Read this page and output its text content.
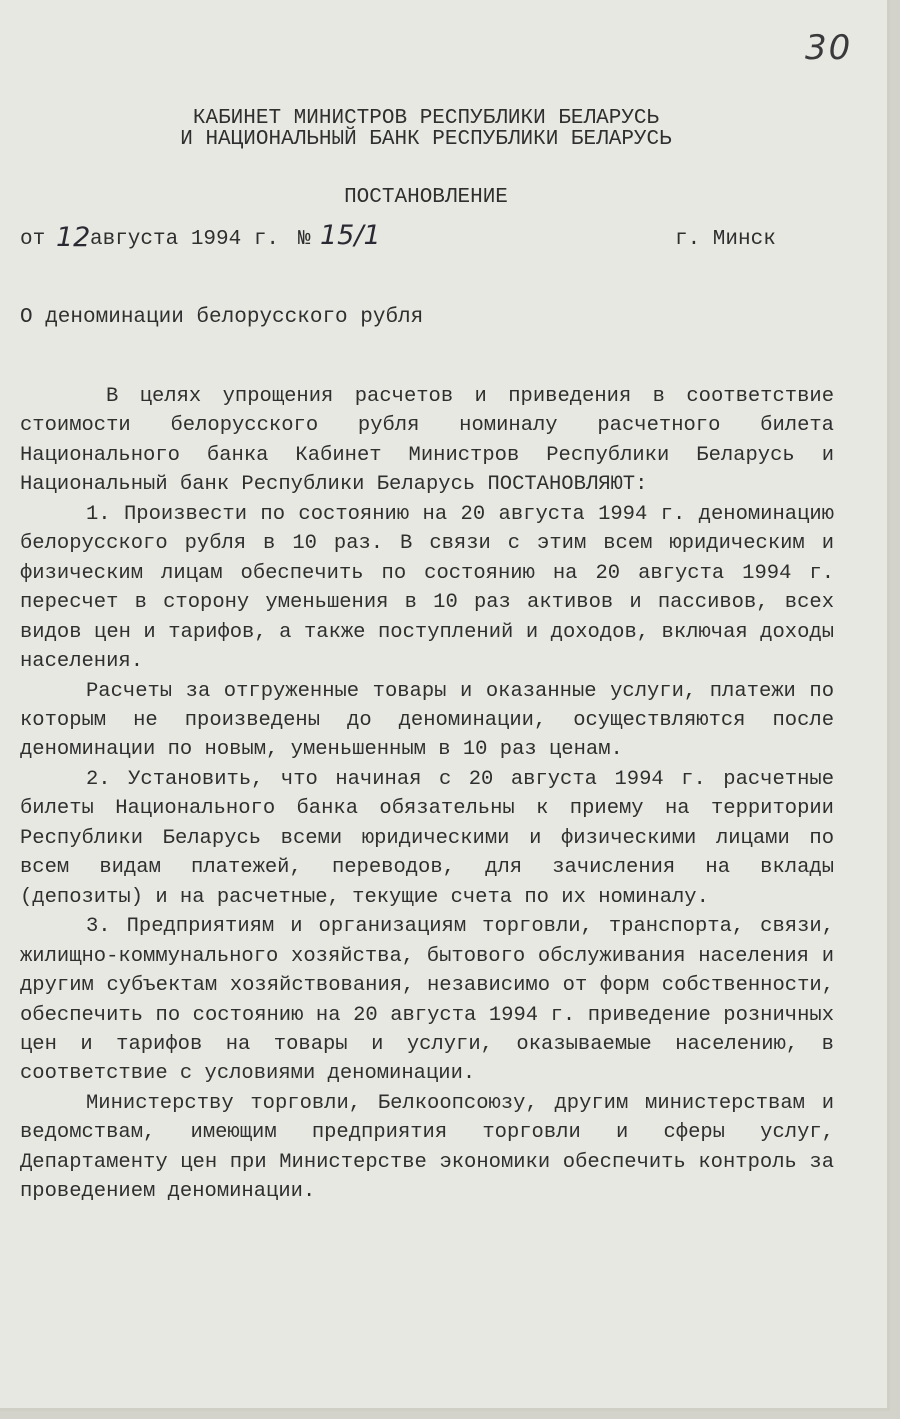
30

КАБИНЕТ МИНИСТРОВ РЕСПУБЛИКИ БЕЛАРУСЬ

И НАЦИОНАЛЬНЫЙ БАНК РЕСПУБЛИКИ БЕЛАРУСЬ

ПОСТАНОВЛЕНИЕ

от 12 августа 1994 г. № 15/1	г. Минск

О деноминации белорусского рубля

В целях упрощения расчетов и приведения в соответствие стоимости белорусского рубля номиналу расчетного билета Национального банка Кабинет Министров Республики Беларусь и Национальный банк Республики Беларусь ПОСТАНОВЛЯЮТ:

1. Произвести по состоянию на 20 августа 1994 г. деноминацию белорусского рубля в 10 раз. В связи с этим всем юридическим и физическим лицам обеспечить по состоянию на 20 августа 1994 г. пересчет в сторону уменьшения в 10 раз активов и пассивов, всех видов цен и тарифов, а также поступлений и доходов, включая доходы населения.

Расчеты за отгруженные товары и оказанные услуги, платежи по которым не произведены до деноминации, осуществляются после деноминации по новым, уменьшенным в 10 раз ценам.

2. Установить, что начиная с 20 августа 1994 г. расчетные билеты Национального банка обязательны к приему на территории Республики Беларусь всеми юридическими и физическими лицами по всем видам платежей, переводов, для зачисления на вклады (депозиты) и на расчетные, текущие счета по их номиналу.

3. Предприятиям и организациям торговли, транспорта, связи, жилищно-коммунального хозяйства, бытового обслуживания населения и другим субъектам хозяйствования, независимо от форм собственности, обеспечить по состоянию на 20 августа 1994 г. приведение розничных цен и тарифов на товары и услуги, оказываемые населению, в соответствие с условиями деноминации.

Министерству торговли, Белкоопсоюзу, другим министерствам и ведомствам, имеющим предприятия торговли и сферы услуг, Департаменту цен при Министерстве экономики обеспечить контроль за проведением деноминации.
